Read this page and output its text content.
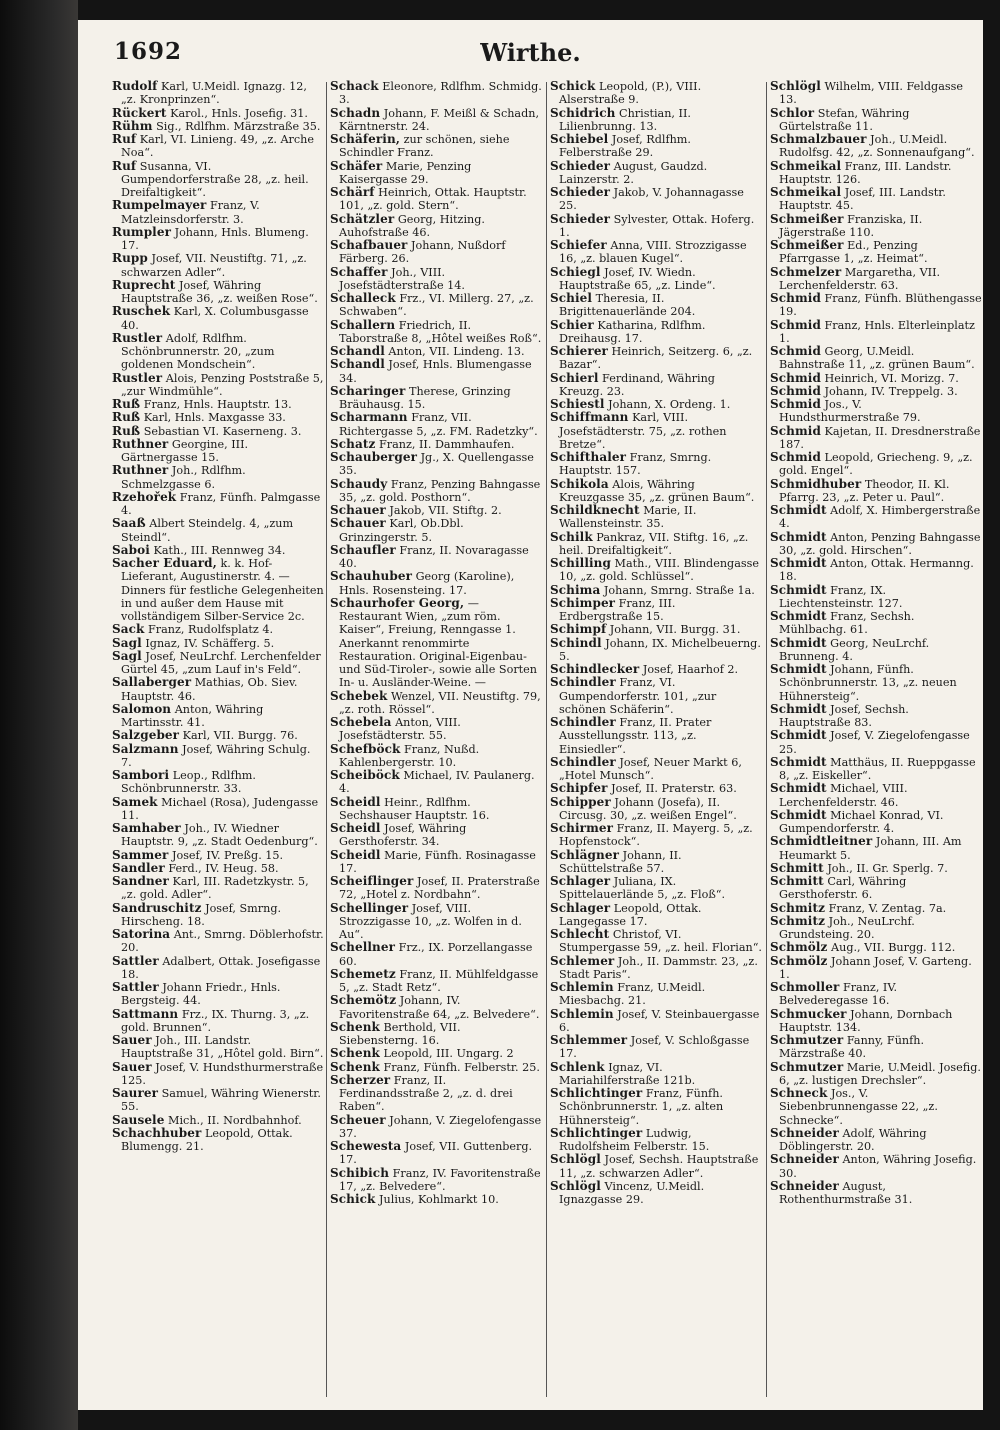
1692	Wirthe.

Rudolf Karl, U.Meidl. Ignazg. 12, „z. Kronprinzen“.

Rückert Karol., Hnls. Josefig. 31.

Rühm Sig., Rdlfhm. Märzstraße 35.

Ruf Karl, VI. Linieng. 49, „z. Arche Noa“.

Ruf Susanna, VI. Gumpendorferstraße 28, „z. heil. Dreifaltigkeit“.

Rumpelmayer Franz, V. Matzleinsdorferstr. 3.

Rumpler Johann, Hnls. Blumeng. 17.

Rupp Josef, VII. Neustiftg. 71, „z. schwarzen Adler“.

Ruprecht Josef, Währing Hauptstraße 36, „z. weißen Rose“.

Ruschek Karl, X. Columbusgasse 40.

Rustler Adolf, Rdlfhm. Schönbrunnerstr. 20, „zum goldenen Mondschein“.

Rustler Alois, Penzing Poststraße 5, „zur Windmühle“.

Ruß Franz, Hnls. Hauptstr. 13.

Ruß Karl, Hnls. Maxgasse 33.

Ruß Sebastian VI. Kaserneng. 3.

Ruthner Georgine, III. Gärtnergasse 15.

Ruthner Joh., Rdlfhm. Schmelzgasse 6.

Rzehořek Franz, Fünfh. Palmgasse 4.

Saaß Albert Steindelg. 4, „zum Steindl“.

Saboi Kath., III. Rennweg 34.

Sacher Eduard, k. k. Hof-Lieferant, Augustinerstr. 4. — Dinners für festliche Gelegenheiten in und außer dem Hause mit vollständigem Silber-Service 2c.

Sack Franz, Rudolfsplatz 4.

Sagl Ignaz, IV. Schäfferg. 5.

Sagl Josef, NeuLrchf. Lerchenfelder Gürtel 45, „zum Lauf in's Feld“.

Sallaberger Mathias, Ob. Siev. Hauptstr. 46.

Salomon Anton, Währing Martinsstr. 41.

Salzgeber Karl, VII. Burgg. 76.

Salzmann Josef, Währing Schulg. 7.

Sambori Leop., Rdlfhm. Schönbrunnerstr. 33.

Samek Michael (Rosa), Judengasse 11.

Samhaber Joh., IV. Wiedner Hauptstr. 9, „z. Stadt Oedenburg“.

Sammer Josef, IV. Preßg. 15.

Sandler Ferd., IV. Heug. 58.

Sandner Karl, III. Radetzkystr. 5, „z. gold. Adler“.

Sandruschitz Josef, Smrng. Hirscheng. 18.

Satorina Ant., Smrng. Döblerhofstr. 20.

Sattler Adalbert, Ottak. Josefigasse 18.

Sattler Johann Friedr., Hnls. Bergsteig. 44.

Sattmann Frz., IX. Thurng. 3, „z. gold. Brunnen“.

Sauer Joh., III. Landstr. Hauptstraße 31, „Hôtel gold. Birn“.

Sauer Josef, V. Hundsthurmerstraße 125.

Saurer Samuel, Währing Wienerstr. 55.

Sausele Mich., II. Nordbahnhof.

Schachhuber Leopold, Ottak. Blumengg. 21.

Schack Eleonore, Rdlfhm. Schmidg. 3.

Schadn Johann, F. Meißl & Schadn, Kärntnerstr. 24.

Schäferin, zur schönen, siehe Schindler Franz.

Schäfer Marie, Penzing Kaisergasse 29.

Schärf Heinrich, Ottak. Hauptstr. 101, „z. gold. Stern“.

Schätzler Georg, Hitzing. Auhofstraße 46.

Schafbauer Johann, Nußdorf Färberg. 26.

Schaffer Joh., VIII. Josefstädterstraße 14.

Schalleck Frz., VI. Millerg. 27, „z. Schwaben“.

Schallern Friedrich, II. Taborstraße 8, „Hôtel weißes Roß“.

Schandl Anton, VII. Lindeng. 13.

Schandl Josef, Hnls. Blumengasse 34.

Scharinger Therese, Grinzing Bräuhausg. 15.

Scharmann Franz, VII. Richtergasse 5, „z. FM. Radetzky“.

Schatz Franz, II. Dammhaufen.

Schauberger Jg., X. Quellengasse 35.

Schaudy Franz, Penzing Bahngasse 35, „z. gold. Posthorn“.

Schauer Jakob, VII. Stiftg. 2.

Schauer Karl, Ob.Dbl. Grinzingerstr. 5.

Schaufler Franz, II. Novaragasse 40.

Schauhuber Georg (Karoline), Hnls. Rosensteing. 17.

Schaurhofer Georg, — Restaurant Wien, „zum röm. Kaiser“, Freiung, Renngasse 1. Anerkannt renommirte Restauration. Original-Eigenbau- und Süd-Tiroler-, sowie alle Sorten In- u. Ausländer-Weine. —

Schebek Wenzel, VII. Neustiftg. 79, „z. roth. Rössel“.

Schebela Anton, VIII. Josefstädterstr. 55.

Schefböck Franz, Nußd. Kahlenbergerstr. 10.

Scheiböck Michael, IV. Paulanerg. 4.

Scheidl Heinr., Rdlfhm. Sechshauser Hauptstr. 16.

Scheidl Josef, Währing Gersthoferstr. 34.

Scheidl Marie, Fünfh. Rosinagasse 17.

Scheiflinger Josef, II. Praterstraße 72, „Hotel z. Nordbahn“.

Schellinger Josef, VIII. Strozzigasse 10, „z. Wolfen in d. Au“.

Schellner Frz., IX. Porzellangasse 60.

Schemetz Franz, II. Mühlfeldgasse 5, „z. Stadt Retz“.

Schemötz Johann, IV. Favoritenstraße 64, „z. Belvedere“.

Schenk Berthold, VII. Siebensterng. 16.

Schenk Leopold, III. Ungarg. 2

Schenk Franz, Fünfh. Felberstr. 25.

Scherzer Franz, II. Ferdinandsstraße 2, „z. d. drei Raben“.

Scheuer Johann, V. Ziegelofengasse 37.

Schewesta Josef, VII. Guttenberg. 17.

Schibich Franz, IV. Favoritenstraße 17, „z. Belvedere“.

Schick Julius, Kohlmarkt 10.

Schick Leopold, (P.), VIII. Alserstraße 9.

Schidrich Christian, II. Lilienbrunng. 13.

Schiebel Josef, Rdlfhm. Felberstraße 29.

Schieder August, Gaudzd. Lainzerstr. 2.

Schieder Jakob, V. Johannagasse 25.

Schieder Sylvester, Ottak. Hoferg. 1.

Schiefer Anna, VIII. Strozzigasse 16, „z. blauen Kugel“.

Schiegl Josef, IV. Wiedn. Hauptstraße 65, „z. Linde“.

Schiel Theresia, II. Brigittenauerlände 204.

Schier Katharina, Rdlfhm. Dreihausg. 17.

Schierer Heinrich, Seitzerg. 6, „z. Bazar“.

Schierl Ferdinand, Währing Kreuzg. 23.

Schiestl Johann, X. Ordeng. 1.

Schiffmann Karl, VIII. Josefstädterstr. 75, „z. rothen Bretze“.

Schifthaler Franz, Smrng. Hauptstr. 157.

Schikola Alois, Währing Kreuzgasse 35, „z. grünen Baum“.

Schildknecht Marie, II. Wallensteinstr. 35.

Schilk Pankraz, VII. Stiftg. 16, „z. heil. Dreifaltigkeit“.

Schilling Math., VIII. Blindengasse 10, „z. gold. Schlüssel“.

Schima Johann, Smrng. Straße 1a.

Schimper Franz, III. Erdbergstraße 15.

Schimpf Johann, VII. Burgg. 31.

Schindl Johann, IX. Michelbeuerng. 5.

Schindlecker Josef, Haarhof 2.

Schindler Franz, VI. Gumpendorferstr. 101, „zur schönen Schäferin“.

Schindler Franz, II. Prater Ausstellungsstr. 113, „z. Einsiedler“.

Schindler Josef, Neuer Markt 6, „Hotel Munsch“.

Schipfer Josef, II. Praterstr. 63.

Schipper Johann (Josefa), II. Circusg. 30, „z. weißen Engel“.

Schirmer Franz, II. Mayerg. 5, „z. Hopfenstock“.

Schlägner Johann, II. Schüttelstraße 57.

Schlager Juliana, IX. Spittelauerlände 5, „z. Floß“.

Schlager Leopold, Ottak. Langegasse 17.

Schlecht Christof, VI. Stumpergasse 59, „z. heil. Florian“.

Schlemer Joh., II. Dammstr. 23, „z. Stadt Paris“.

Schlemin Franz, U.Meidl. Miesbachg. 21.

Schlemin Josef, V. Steinbauergasse 6.

Schlemmer Josef, V. Schloßgasse 17.

Schlenk Ignaz, VI. Mariahilferstraße 121b.

Schlichtinger Franz, Fünfh. Schönbrunnerstr. 1, „z. alten Hühnersteig“.

Schlichtinger Ludwig, Rudolfsheim Felberstr. 15.

Schlögl Josef, Sechsh. Hauptstraße 11, „z. schwarzen Adler“.

Schlögl Vincenz, U.Meidl. Ignazgasse 29.

Schlögl Wilhelm, VIII. Feldgasse 13.

Schlor Stefan, Währing Gürtelstraße 11.

Schmalzbauer Joh., U.Meidl. Rudolfsg. 42, „z. Sonnenaufgang“.

Schmeikal Franz, III. Landstr. Hauptstr. 126.

Schmeikal Josef, III. Landstr. Hauptstr. 45.

Schmeißer Franziska, II. Jägerstraße 110.

Schmeißer Ed., Penzing Pfarrgasse 1, „z. Heimat“.

Schmelzer Margaretha, VII. Lerchenfelderstr. 63.

Schmid Franz, Fünfh. Blüthengasse 19.

Schmid Franz, Hnls. Elterleinplatz 1.

Schmid Georg, U.Meidl. Bahnstraße 11, „z. grünen Baum“.

Schmid Heinrich, VI. Morizg. 7.

Schmid Johann, IV. Treppelg. 3.

Schmid Jos., V. Hundsthurmerstraße 79.

Schmid Kajetan, II. Dresdnerstraße 187.

Schmid Leopold, Griecheng. 9, „z. gold. Engel“.

Schmidhuber Theodor, II. Kl. Pfarrg. 23, „z. Peter u. Paul“.

Schmidt Adolf, X. Himbergerstraße 4.

Schmidt Anton, Penzing Bahngasse 30, „z. gold. Hirschen“.

Schmidt Anton, Ottak. Hermanng. 18.

Schmidt Franz, IX. Liechtensteinstr. 127.

Schmidt Franz, Sechsh. Mühlbachg. 61.

Schmidt Georg, NeuLrchf. Brunneng. 4.

Schmidt Johann, Fünfh. Schönbrunnerstr. 13, „z. neuen Hühnersteig“.

Schmidt Josef, Sechsh. Hauptstraße 83.

Schmidt Josef, V. Ziegelofengasse 25.

Schmidt Matthäus, II. Rueppgasse 8, „z. Eiskeller“.

Schmidt Michael, VIII. Lerchenfelderstr. 46.

Schmidt Michael Konrad, VI. Gumpendorferstr. 4.

Schmidtleitner Johann, III. Am Heumarkt 5.

Schmitt Joh., II. Gr. Sperlg. 7.

Schmitt Carl, Währing Gersthoferstr. 6.

Schmitz Franz, V. Zentag. 7a.

Schmitz Joh., NeuLrchf. Grundsteing. 20.

Schmölz Aug., VII. Burgg. 112.

Schmölz Johann Josef, V. Garteng. 1.

Schmoller Franz, IV. Belvederegasse 16.

Schmucker Johann, Dornbach Hauptstr. 134.

Schmutzer Fanny, Fünfh. Märzstraße 40.

Schmutzer Marie, U.Meidl. Josefig. 6, „z. lustigen Drechsler“.

Schneck Jos., V. Siebenbrunnengasse 22, „z. Schnecke“.

Schneider Adolf, Währing Döblingerstr. 20.

Schneider Anton, Währing Josefig. 30.

Schneider August, Rothenthurmstraße 31.
